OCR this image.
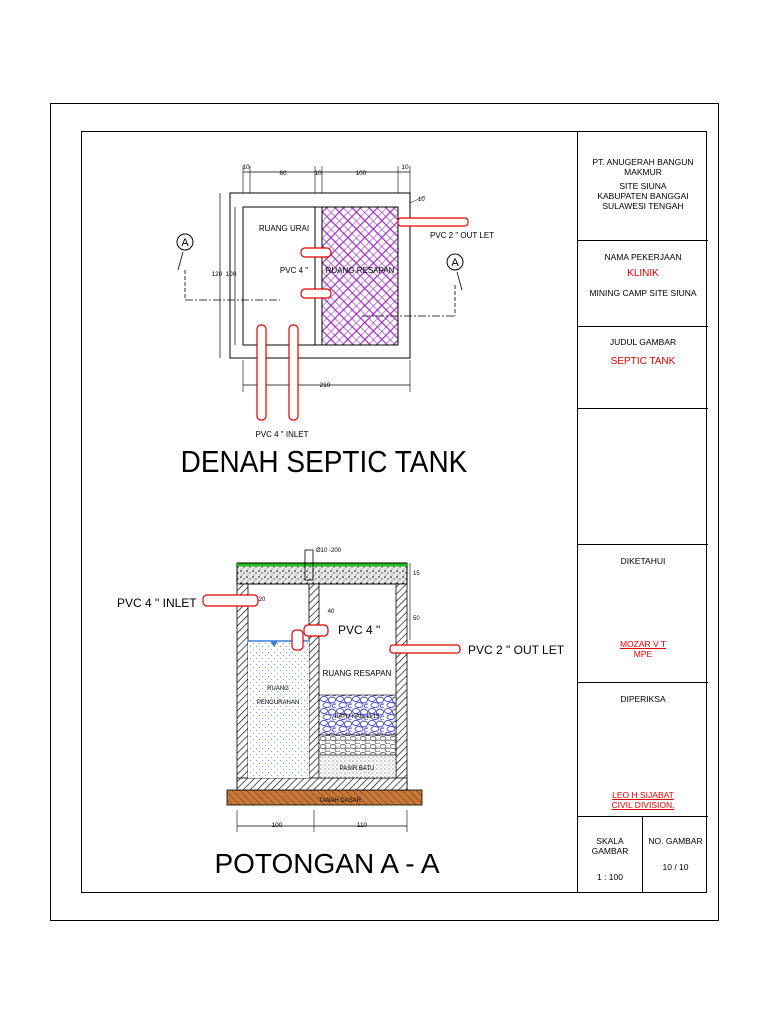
10
80	10	100
10
120 100
210
10
RUANG URAI
PVC 4 " RUANG RESAPAN
PVC 2 " OUT LET
PVC 4 " INLET
A
A
DENAH SEPTIC TANK
TANAH DASAR
RUANG
PENGURAHAN
BATU KALI Ø 15
PASIR BATU
RUANG RESAPAN
Ø10 -200
15
50
20
40
PVC 4 " INLET
PVC 4 "
PVC 2 " OUT LET
100	110
POTONGAN A - A
PT. ANUGERAH BANGUN MAKMUR
SITE SIUNA
KABUPATEN BANGGAI
SULAWESI TENGAH
NAMA PEKERJAAN
KLINIK
MINING CAMP SITE SIUNA
JUDUL GAMBAR
SEPTIC TANK
DIKETAHUI
MOZAR V T
MPE
DIPERIKSA
LEO H SIJABAT
CIVIL DIVISION.
SKALA GAMBAR
1 : 100
NO. GAMBAR
10 / 10
